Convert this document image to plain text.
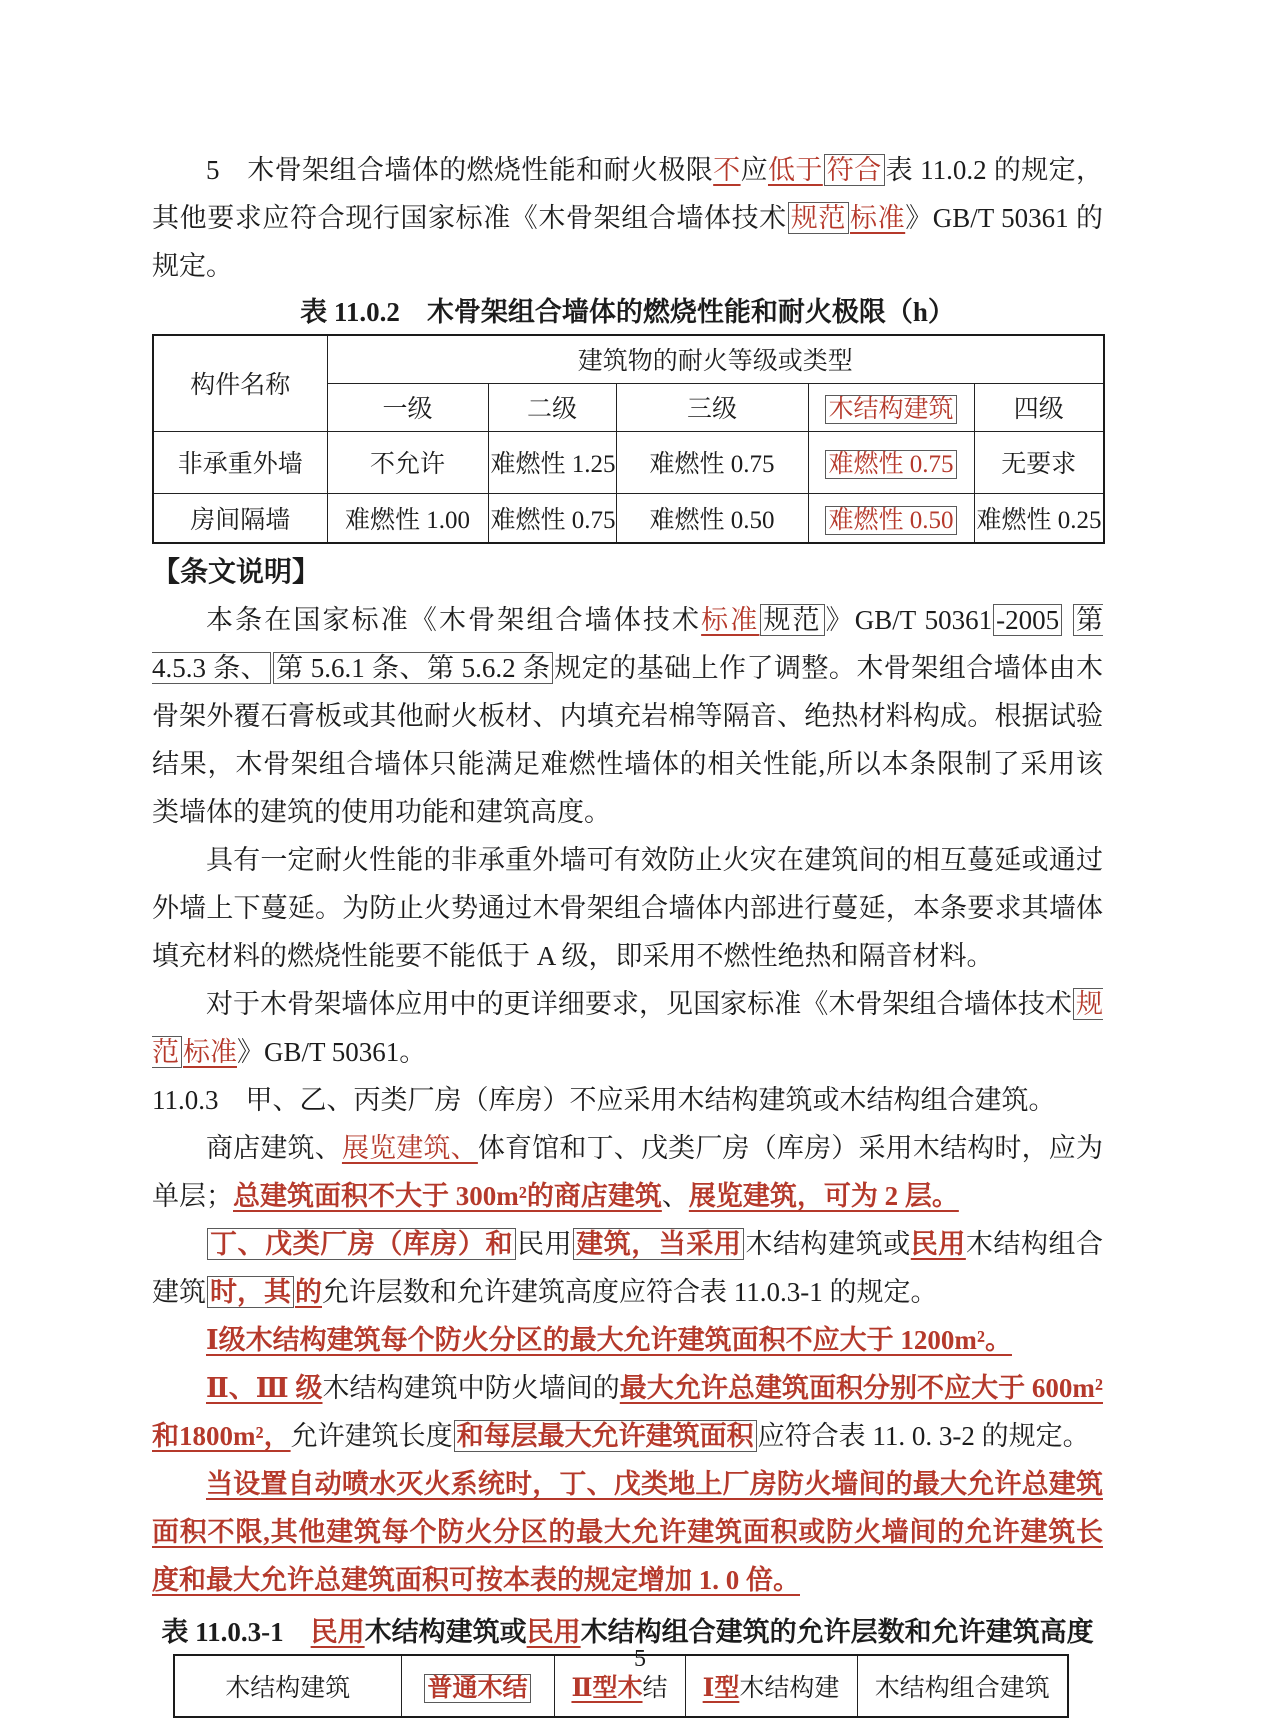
5　木骨架组合墙体的燃烧性能和耐火极限不应低于 符合 表 11.0.2 的规定，其他要求应符合现行国家标准《木骨架组合墙体技术 规范 标准》GB/T 50361 的规定。

表 11.0.2　木骨架组合墙体的燃烧性能和耐火极限（h）

构件名称	建筑物的耐火等级或类型				
	一级	二级	三级	木结构建筑	四级
非承重外墙	不允许	难燃性 1.25	难燃性 0.75	难燃性 0.75	无要求
房间隔墙	难燃性 1.00	难燃性 0.75	难燃性 0.50	难燃性 0.50	难燃性 0.25

【条文说明】

本条在国家标准《木骨架组合墙体技术标准 规范 》GB/T 50361 -2005 第 4.5.3 条、 第 5.6.1 条、第 5.6.2 条 规定的基础上作了调整。木骨架组合墙体由木骨架外覆石膏板或其他耐火板材、内填充岩棉等隔音、绝热材料构成。根据试验结果，木骨架组合墙体只能满足难燃性墙体的相关性能,所以本条限制了采用该类墙体的建筑的使用功能和建筑高度。

具有一定耐火性能的非承重外墙可有效防止火灾在建筑间的相互蔓延或通过外墙上下蔓延。为防止火势通过木骨架组合墙体内部进行蔓延，本条要求其墙体填充材料的燃烧性能要不能低于 A 级，即采用不燃性绝热和隔音材料。

对于木骨架墙体应用中的更详细要求，见国家标准《木骨架组合墙体技术 规范 标准》GB/T 50361。

11.0.3　甲、乙、丙类厂房（库房）不应采用木结构建筑或木结构组合建筑。

商店建筑、展览建筑、体育馆和丁、戊类厂房（库房）采用木结构时，应为单层；总建筑面积不大于 300m²的商店建筑、展览建筑，可为 2 层。

丁、戊类厂房（库房）和 民用 建筑，当采用 木结构建筑或民用木结构组合建筑 时，其 的允许层数和允许建筑高度应符合表 11.0.3-1 的规定。

Ⅰ级木结构建筑每个防火分区的最大允许建筑面积不应大于 1200m²。

Ⅱ、Ⅲ 级木结构建筑中防火墙间的最大允许总建筑面积分别不应大于 600m²和1800m²，允许建筑长度 和每层最大允许建筑面积 应符合表 11. 0. 3-2 的规定。

当设置自动喷水灭火系统时，丁、戊类地上厂房防火墙间的最大允许总建筑面积不限,其他建筑每个防火分区的最大允许建筑面积或防火墙间的允许建筑长度和最大允许总建筑面积可按本表的规定增加 1. 0 倍。

表 11.0.3-1　民用木结构建筑或民用木结构组合建筑的允许层数和允许建筑高度

木结构建筑	普通木结	Ⅱ型木结	Ⅰ型木结构建	木结构组合建筑
5
